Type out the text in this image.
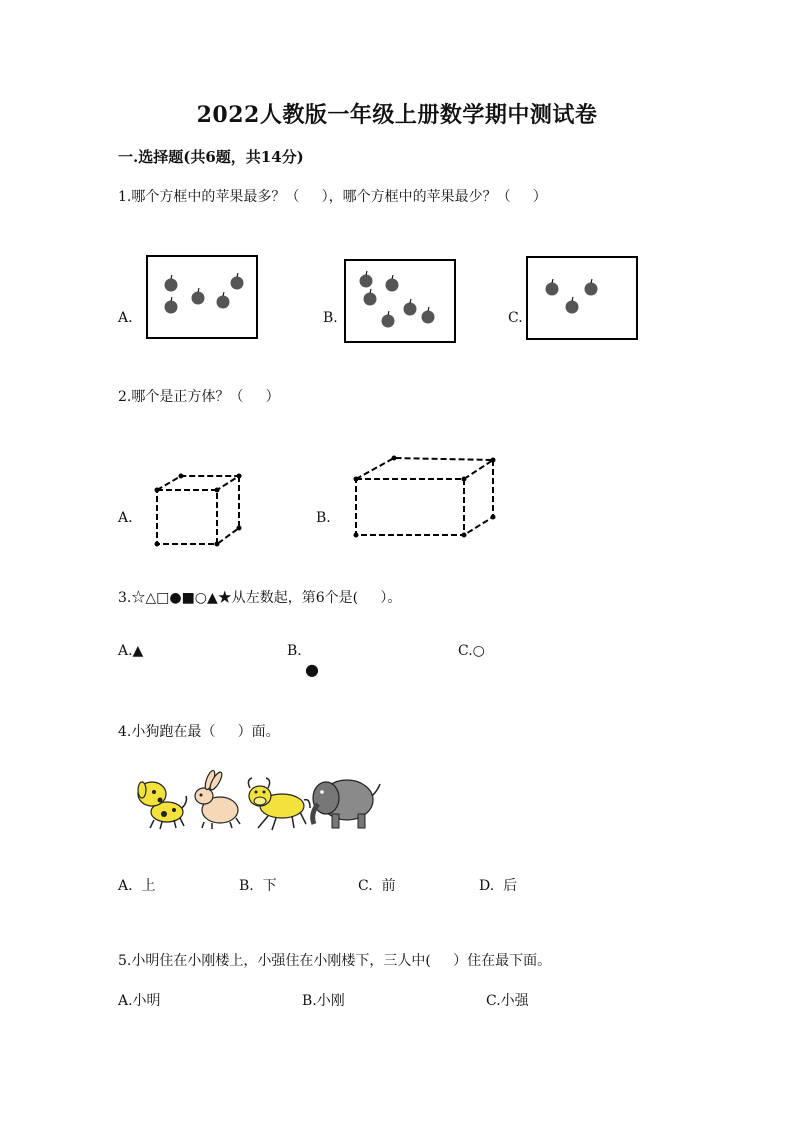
2022人教版一年级上册数学期中测试卷
一.选择题(共6题，共14分)
1.哪个方框中的苹果最多？（     ），哪个方框中的苹果最少？（     ）
A.	B.	C.
2.哪个是正方体？（     ）
A.	B.
3.☆△□●■○▲★从左数起，第6个是(     ）。
A.▲	B.
●
C.○
4.小狗跑在最（     ）面。
A.  上	B.  下	C.  前	D.  后
5.小明住在小刚楼上，小强住在小刚楼下，三人中(     ）住在最下面。
A.小明	B.小刚	C.小强
